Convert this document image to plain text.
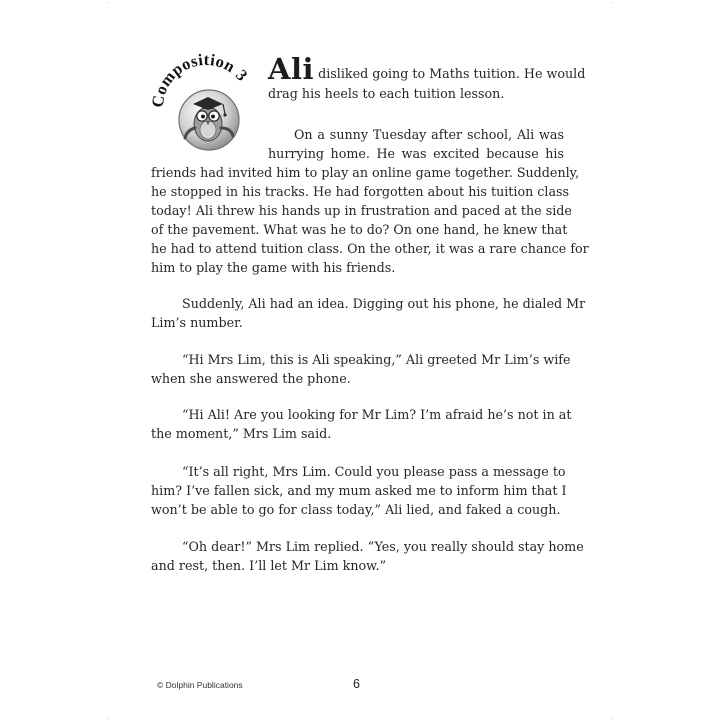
omposition 3 Ali disliked going to Maths tuition. He would
drag his heels to each tuition lesson.
On a sunny Tuesday after school, Ali was
hurrying home. He was excited because his
friends had invited him to play an online game together. Suddenly,
he stopped in his tracks. He had forgotten about his tuition class
today! Ali threw his hands up in frustration and paced at the side
of the pavement. What was he to do? On one hand, he knew that
he had to attend tuition class. On the other, it was a rare chance for
him to play the game with his friends.
Suddenly, Ali had an idea. Digging out his phone, he dialed Mr
Lim’s number.
“Hi Mrs Lim, this is Ali speaking,” Ali greeted Mr Lim’s wife
when she answered the phone.
“Hi Ali! Are you looking for Mr Lim? I’m afraid he’s not in at
the moment,” Mrs Lim said.
“It’s all right, Mrs Lim. Could you please pass a message to
him? I’ve fallen sick, and my mum asked me to inform him that I
won’t be able to go for class today,” Ali lied, and faked a cough.
“Oh dear!” Mrs Lim replied. “Yes, you really should stay home
and rest, then. I’ll let Mr Lim know.”
© Dolphin Publications	6
